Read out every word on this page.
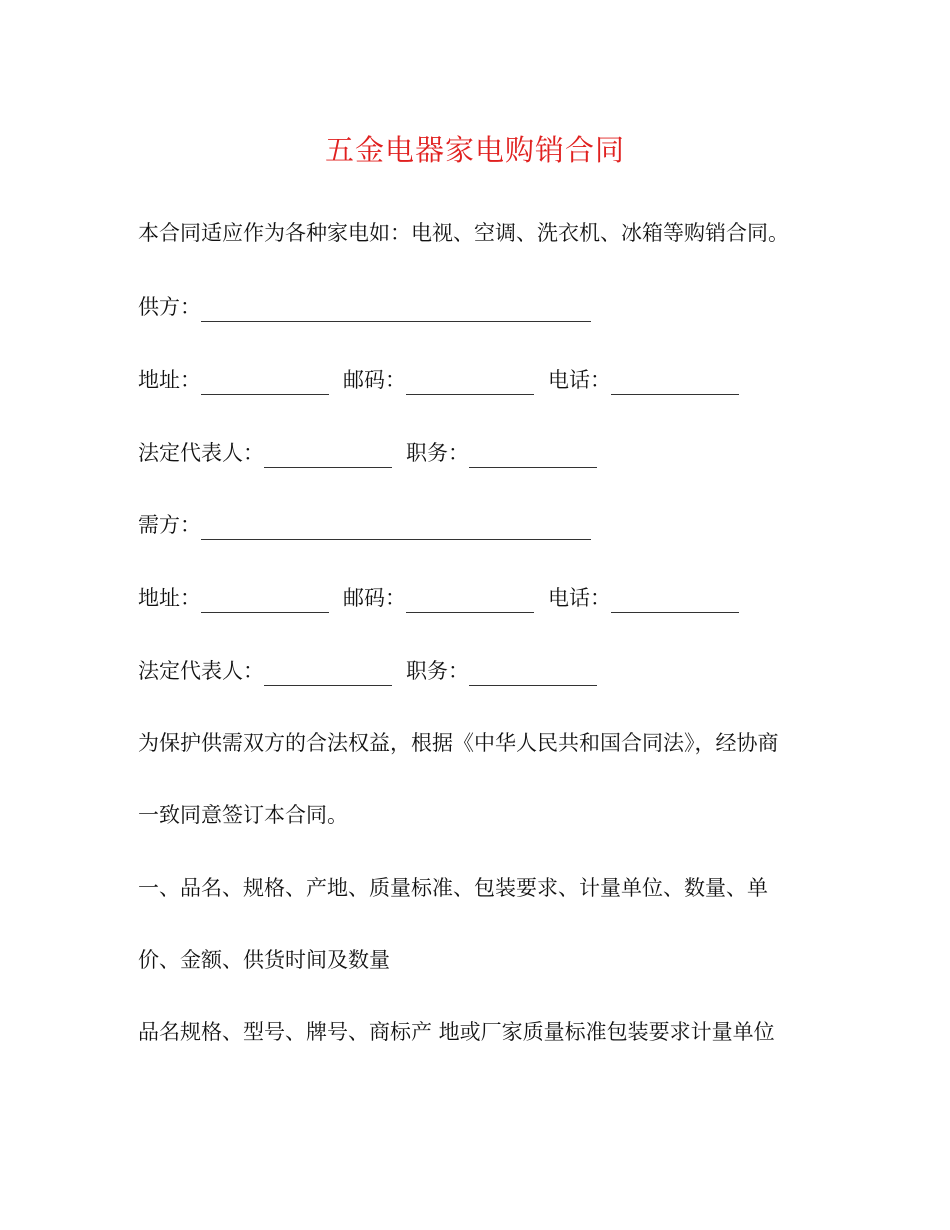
五金电器家电购销合同
本合同适应作为各种家电如：电视、空调、洗衣机、冰箱等购销合同。
供方：
地址：	邮码：	电话：
法定代表人：	职务：
需方：
地址：	邮码：	电话：
法定代表人：	职务：
为保护供需双方的合法权益，根据《中华人民共和国合同法》，经协商
一致同意签订本合同。
一、品名、规格、产地、质量标准、包装要求、计量单位、数量、单
价、金额、供货时间及数量
品名规格、型号、牌号、商标产 地或厂家质量标准包装要求计量单位
